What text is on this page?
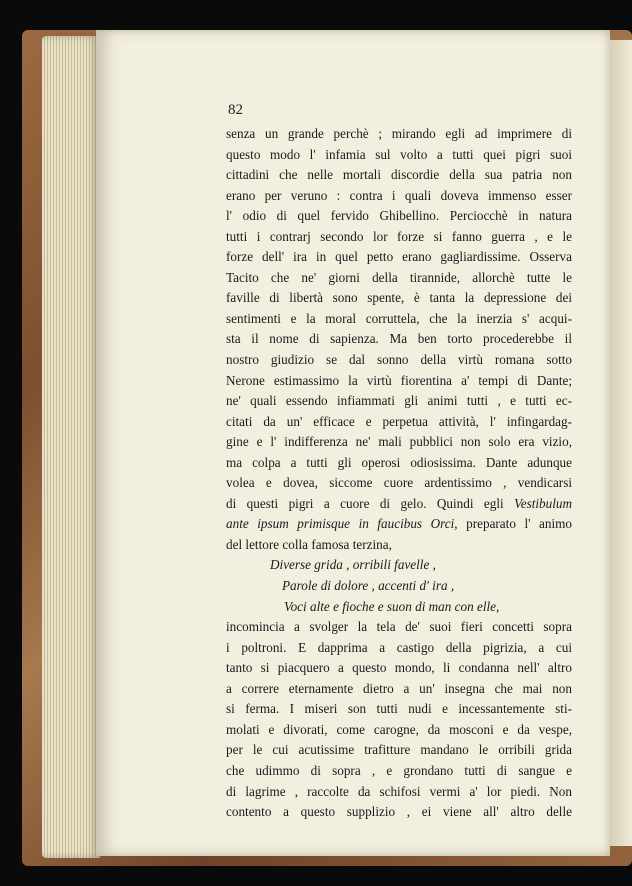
82
senza un grande perchè ; mirando egli ad imprimere di
questo modo l' infamia sul volto a tutti quei pigri suoi
cittadini che nelle mortali discordie della sua patria non
erano per veruno : contra i quali doveva immenso esser
l' odio di quel fervido Ghibellino. Perciocchè in natura
tutti i contrarj secondo lor forze si fanno guerra , e le
forze dell' ira in quel petto erano gagliardissime. Osserva
Tacito che ne' giorni della tirannide, allorchè tutte le
faville di libertà sono spente, è tanta la depressione dei
sentimenti e la moral corruttela, che la inerzia s' acqui-
sta il nome di sapienza. Ma ben torto procederebbe il
nostro giudizio se dal sonno della virtù romana sotto
Nerone estimassimo la virtù fiorentina a' tempi di Dante;
ne' quali essendo infiammati gli animi tutti , e tutti ec-
citati da un' efficace e perpetua attività, l' infingardag-
gine e l' indifferenza ne' mali pubblici non solo era vizio,
ma colpa a tutti gli operosi odiosissima. Dante adunque
volea e dovea, siccome cuore ardentissimo , vendicarsi
di questi pigri a cuore di gelo. Quindi egli Vestibulum
ante ipsum primisque in faucibus Orci, preparato l' animo
del lettore colla famosa terzina,
Diverse grida , orribili favelle ,
Parole di dolore , accenti d' ira ,
Voci alte e fioche e suon di man con elle,
incomincia a svolger la tela de' suoi fieri concetti sopra
i poltroni. E dapprima a castigo della pigrizia, a cui
tanto si piacquero a questo mondo, li condanna nell' altro
a correre eternamente dietro a un' insegna che mai non
si ferma. I miseri son tutti nudi e incessantemente sti-
molati e divorati, come carogne, da mosconi e da vespe,
per le cui acutissime trafitture mandano le orribili grida
che udimmo di sopra , e grondano tutti di sangue e
di lagrime , raccolte da schifosi vermi a' lor piedi. Non
contento a questo supplizio , ei viene all' altro delle
